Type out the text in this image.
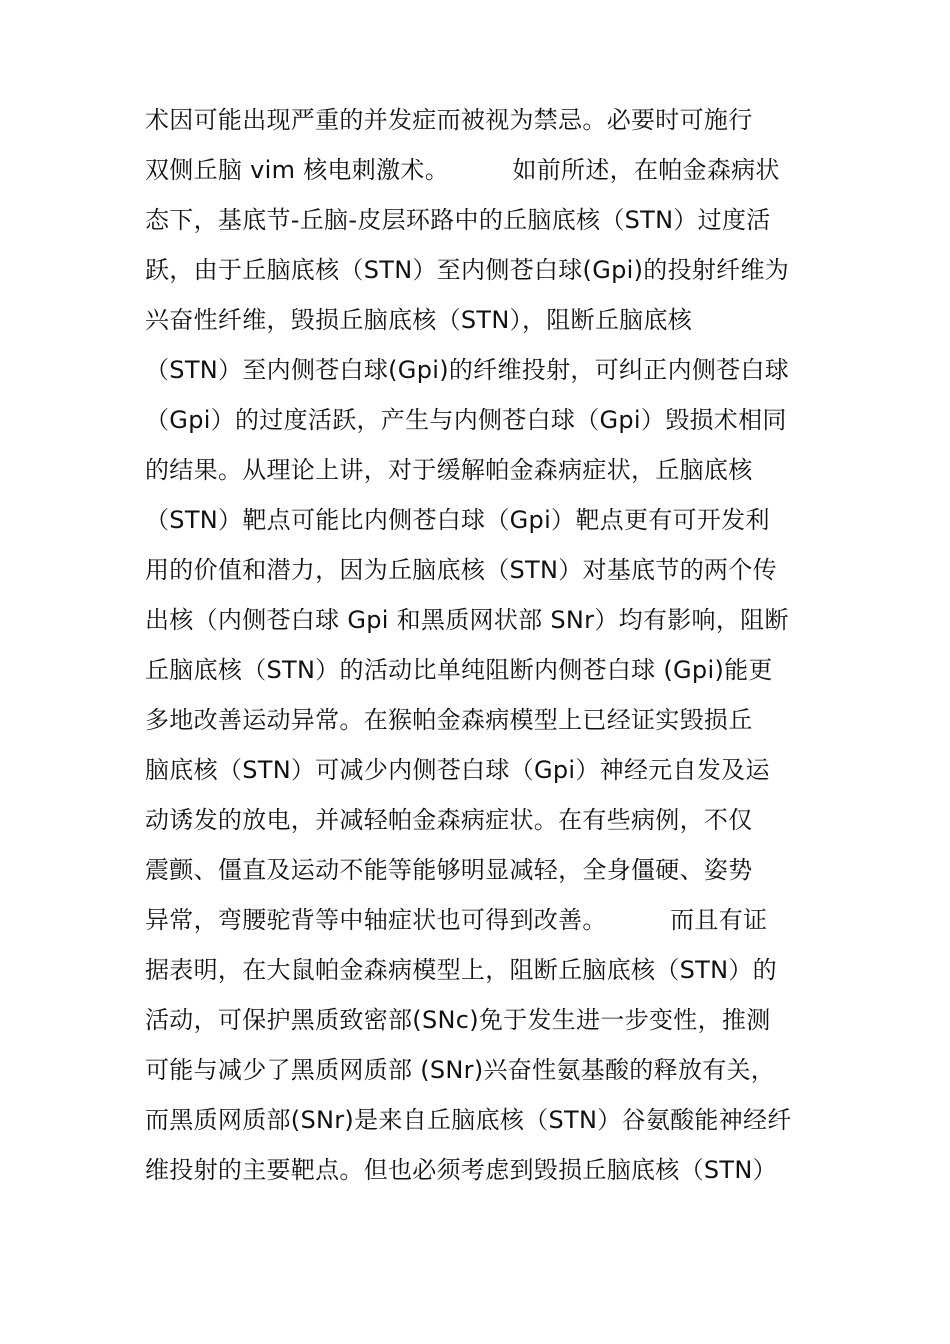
术因可能出现严重的并发症而被视为禁忌。必要时可施行
双侧丘脑 vim 核电刺激术。        如前所述，在帕金森病状
态下，基底节-丘脑-皮层环路中的丘脑底核（STN）过度活
跃，由于丘脑底核（STN）至内侧苍白球(Gpi)的投射纤维为
兴奋性纤维，毁损丘脑底核（STN），阻断丘脑底核
（STN）至内侧苍白球(Gpi)的纤维投射，可纠正内侧苍白球
（Gpi）的过度活跃，产生与内侧苍白球（Gpi）毁损术相同
的结果。从理论上讲，对于缓解帕金森病症状，丘脑底核
（STN）靶点可能比内侧苍白球（Gpi）靶点更有可开发利
用的价值和潜力，因为丘脑底核（STN）对基底节的两个传
出核（内侧苍白球 Gpi 和黑质网状部 SNr）均有影响，阻断
丘脑底核（STN）的活动比单纯阻断内侧苍白球 (Gpi)能更
多地改善运动异常。在猴帕金森病模型上已经证实毁损丘
脑底核（STN）可减少内侧苍白球（Gpi）神经元自发及运
动诱发的放电，并减轻帕金森病症状。在有些病例，不仅
震颤、僵直及运动不能等能够明显减轻，全身僵硬、姿势
异常，弯腰驼背等中轴症状也可得到改善。        而且有证
据表明，在大鼠帕金森病模型上，阻断丘脑底核（STN）的
活动，可保护黑质致密部(SNc)免于发生进一步变性，推测
可能与减少了黑质网质部 (SNr)兴奋性氨基酸的释放有关，
而黑质网质部(SNr)是来自丘脑底核（STN）谷氨酸能神经纤
维投射的主要靶点。但也必须考虑到毁损丘脑底核（STN）
